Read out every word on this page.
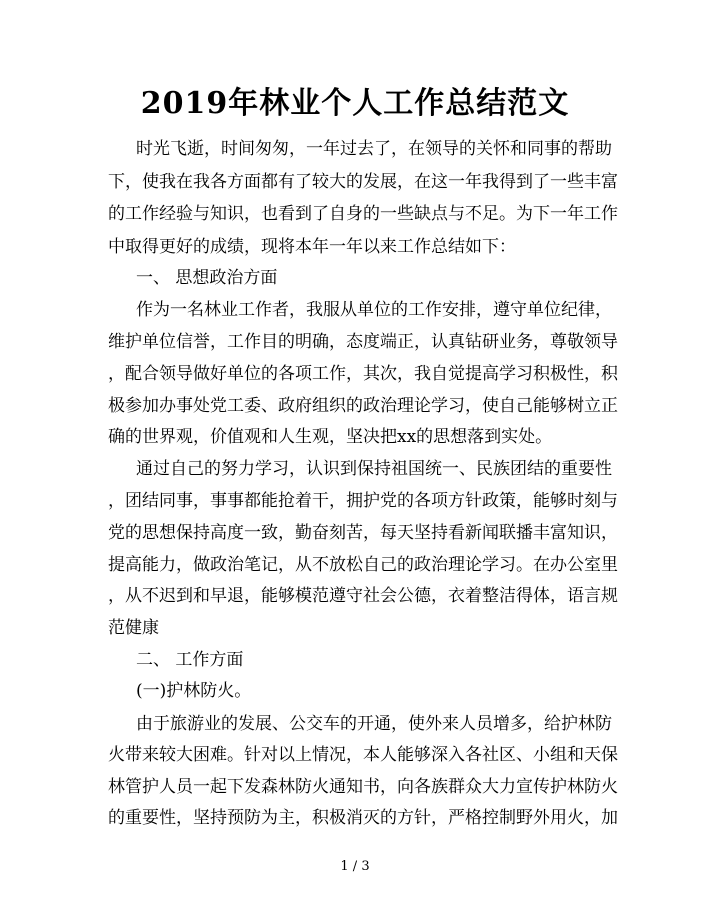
2019年林业个人工作总结范文
时光飞逝，时间匆匆，一年过去了，在领导的关怀和同事的帮助
下，使我在我各方面都有了较大的发展，在这一年我得到了一些丰富
的工作经验与知识，也看到了自身的一些缺点与不足。为下一年工作
中取得更好的成绩，现将本年一年以来工作总结如下：
一、 思想政治方面
作为一名林业工作者，我服从单位的工作安排，遵守单位纪律，
维护单位信誉，工作目的明确，态度端正，认真钻研业务，尊敬领导
，配合领导做好单位的各项工作，其次，我自觉提高学习积极性，积
极参加办事处党工委、政府组织的政治理论学习，使自己能够树立正
确的世界观，价值观和人生观，坚决把xx的思想落到实处。
通过自己的努力学习，认识到保持祖国统一、民族团结的重要性
，团结同事，事事都能抢着干，拥护党的各项方针政策，能够时刻与
党的思想保持高度一致，勤奋刻苦，每天坚持看新闻联播丰富知识，
提高能力，做政治笔记，从不放松自己的政治理论学习。在办公室里
，从不迟到和早退，能够模范遵守社会公德，衣着整洁得体，语言规
范健康
二、 工作方面
(一)护林防火。
由于旅游业的发展、公交车的开通，使外来人员增多，给护林防
火带来较大困难。针对以上情况，本人能够深入各社区、小组和天保
林管护人员一起下发森林防火通知书，向各族群众大力宣传护林防火
的重要性，坚持预防为主，积极消灭的方针，严格控制野外用火，加
1 / 3
